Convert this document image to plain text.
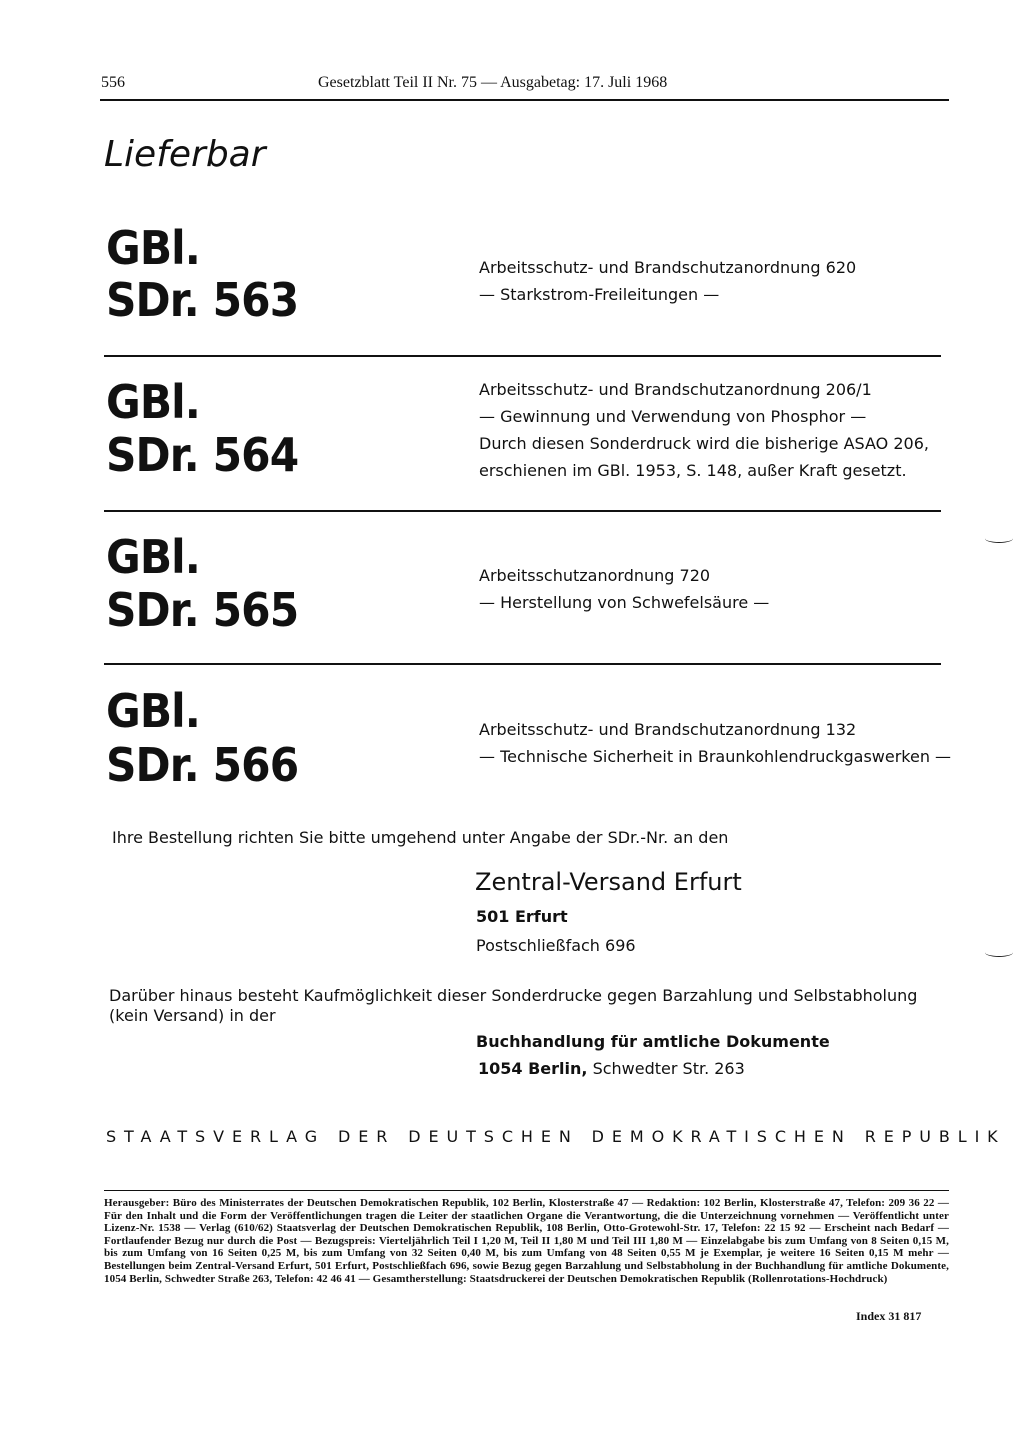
556	Gesetzblatt Teil II Nr. 75 — Ausgabetag: 17. Juli 1968
Lieferbar
GBl.
SDr. 563
Arbeitsschutz- und Brandschutzanordnung 620
— Starkstrom-Freileitungen —
GBl.
SDr. 564
Arbeitsschutz- und Brandschutzanordnung 206/1
— Gewinnung und Verwendung von Phosphor —
Durch diesen Sonderdruck wird die bisherige ASAO 206,
erschienen im GBl. 1953, S. 148, außer Kraft gesetzt.
GBl.
SDr. 565
Arbeitsschutzanordnung 720
— Herstellung von Schwefelsäure —
GBl.
SDr. 566
Arbeitsschutz- und Brandschutzanordnung 132
— Technische Sicherheit in Braunkohlendruckgaswerken —
Ihre Bestellung richten Sie bitte umgehend unter Angabe der SDr.-Nr. an den
Zentral-Versand Erfurt
501 Erfurt
Postschließfach 696
Darüber hinaus besteht Kaufmöglichkeit dieser Sonderdrucke gegen Barzahlung und Selbstabholung
(kein Versand) in der
Buchhandlung für amtliche Dokumente
1054 Berlin, Schwedter Str. 263
STAATSVERLAG DER DEUTSCHEN DEMOKRATISCHEN REPUBLIK
Herausgeber: Büro des Ministerrates der Deutschen Demokratischen Republik, 102 Berlin, Klosterstraße 47 — Redaktion: 102 Berlin, Klosterstraße 47, Telefon: 209 36 22 — Für den Inhalt und die Form der Veröffentlichungen tragen die Leiter der staatlichen Organe die Verantwortung, die die Unterzeichnung vornehmen — Veröffentlicht unter Lizenz-Nr. 1538 — Verlag (610/62) Staatsverlag der Deutschen Demokratischen Republik, 108 Berlin, Otto-Grotewohl-Str. 17, Telefon: 22 15 92 — Erscheint nach Bedarf — Fortlaufender Bezug nur durch die Post — Bezugspreis: Vierteljährlich Teil I 1,20 M, Teil II 1,80 M und Teil III 1,80 M — Einzelabgabe bis zum Umfang von 8 Seiten 0,15 M, bis zum Umfang von 16 Seiten 0,25 M, bis zum Umfang von 32 Seiten 0,40 M, bis zum Umfang von 48 Seiten 0,55 M je Exemplar, je weitere 16 Seiten 0,15 M mehr — Bestellungen beim Zentral-Versand Erfurt, 501 Erfurt, Postschließfach 696, sowie Bezug gegen Barzahlung und Selbstabholung in der Buchhandlung für amtliche Dokumente, 1054 Berlin, Schwedter Straße 263, Telefon: 42 46 41 — Gesamtherstellung: Staatsdruckerei der Deutschen Demokratischen Republik (Rollenrotations-Hochdruck)
Index 31 817
